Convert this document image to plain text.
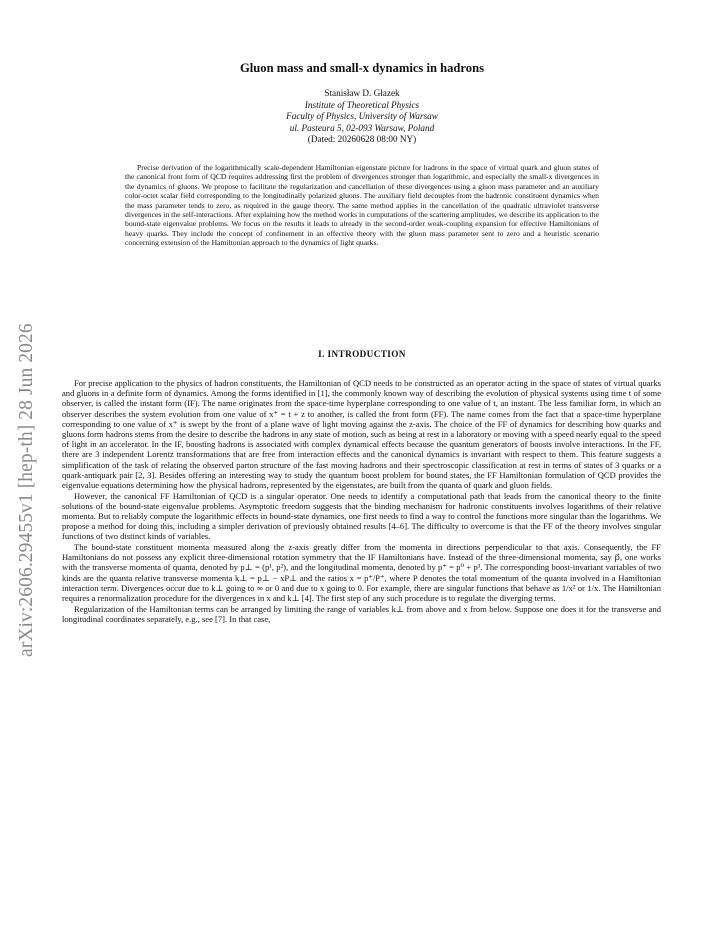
arXiv:2606.29455v1 [hep-th] 28 Jun 2026
Gluon mass and small-x dynamics in hadrons
Stanisław D. Głazek
Institute of Theoretical Physics
Faculty of Physics, University of Warsaw
ul. Pasteura 5, 02-093 Warsaw, Poland
(Dated: 20260628 08:00 NY)
Precise derivation of the logarithmically scale-dependent Hamiltonian eigenstate picture for hadrons in the space of virtual quark and gluon states of the canonical front form of QCD requires addressing first the problem of divergences stronger than logarithmic, and especially the small-x divergences in the dynamics of gluons. We propose to facilitate the regularization and cancellation of these divergences using a gluon mass parameter and an auxiliary color-octet scalar field corresponding to the longitudinally polarized gluons. The auxiliary field decouples from the hadronic constituent dynamics when the mass parameter tends to zero, as required in the gauge theory. The same method applies in the cancellation of the quadratic ultraviolet transverse divergences in the self-interactions. After explaining how the method works in computations of the scattering amplitudes, we describe its application to the bound-state eigenvalue problems. We focus on the results it leads to already in the second-order weak-coupling expansion for effective Hamiltonians of heavy quarks. They include the concept of confinement in an effective theory with the gluon mass parameter sent to zero and a heuristic scenario concerning extension of the Hamiltonian approach to the dynamics of light quarks.
I. INTRODUCTION

For precise application to the physics of hadron constituents, the Hamiltonian of QCD needs to be constructed as an operator acting in the space of states of virtual quarks and gluons in a definite form of dynamics. Among the forms identified in [1], the commonly known way of describing the evolution of physical systems using time t of some observer, is called the instant form (IF). The name originates from the space-time hyperplane corresponding to one value of t, an instant. The less familiar form, in which an observer describes the system evolution from one value of x⁺ = t + z to another, is called the front form (FF). The name comes from the fact that a space-time hyperplane corresponding to one value of x⁺ is swept by the front of a plane wave of light moving against the z-axis. The choice of the FF of dynamics for describing how quarks and gluons form hadrons stems from the desire to describe the hadrons in any state of motion, such as being at rest in a laboratory or moving with a speed nearly equal to the speed of light in an accelerator. In the IF, boosting hadrons is associated with complex dynamical effects because the quantum generators of boosts involve interactions. In the FF, there are 3 independent Lorentz transformations that are free from interaction effects and the canonical dynamics is invariant with respect to them. This feature suggests a simplification of the task of relating the observed parton structure of the fast moving hadrons and their spectroscopic classification at rest in terms of states of 3 quarks or a quark-antiquark pair [2, 3]. Besides offering an interesting way to study the quantum boost problem for bound states, the FF Hamiltonian formulation of QCD provides the eigenvalue equations determining how the physical hadrons, represented by the eigenstates, are built from the quanta of quark and gluon fields.

However, the canonical FF Hamiltonian of QCD is a singular operator. One needs to identify a computational path that leads from the canonical theory to the finite solutions of the bound-state eigenvalue problems. Asymptotic freedom suggests that the binding mechanism for hadronic constituents involves logarithms of their relative momenta. But to reliably compute the logarithmic effects in bound-state dynamics, one first needs to find a way to control the functions more singular than the logarithms. We propose a method for doing this, including a simpler derivation of previously obtained results [4–6]. The difficulty to overcome is that the FF of the theory involves singular functions of two distinct kinds of variables.

The bound-state constituent momenta measured along the z-axis greatly differ from the momenta in directions perpendicular to that axis. Consequently, the FF Hamiltonians do not possess any explicit three-dimensional rotation symmetry that the IF Hamiltonians have. Instead of the three-dimensional momenta, say p⃗, one works with the transverse momenta of quanta, denoted by p⊥ = (p¹, p²), and the longitudinal momenta, denoted by p⁺ = p⁰ + p³. The corresponding boost-invariant variables of two kinds are the quanta relative transverse momenta k⊥ = p⊥ − xP⊥ and the ratios x = p⁺/P⁺, where P denotes the total momentum of the quanta involved in a Hamiltonian interaction term. Divergences occur due to k⊥ going to ∞ or 0 and due to x going to 0. For example, there are singular functions that behave as 1/x² or 1/x. The Hamiltonian requires a renormalization procedure for the divergences in x and k⊥ [4]. The first step of any such procedure is to regulate the diverging terms.

Regularization of the Hamiltonian terms can be arranged by limiting the range of variables k⊥ from above and x from below. Suppose one does it for the transverse and longitudinal coordinates separately, e.g., see [7]. In that case,
